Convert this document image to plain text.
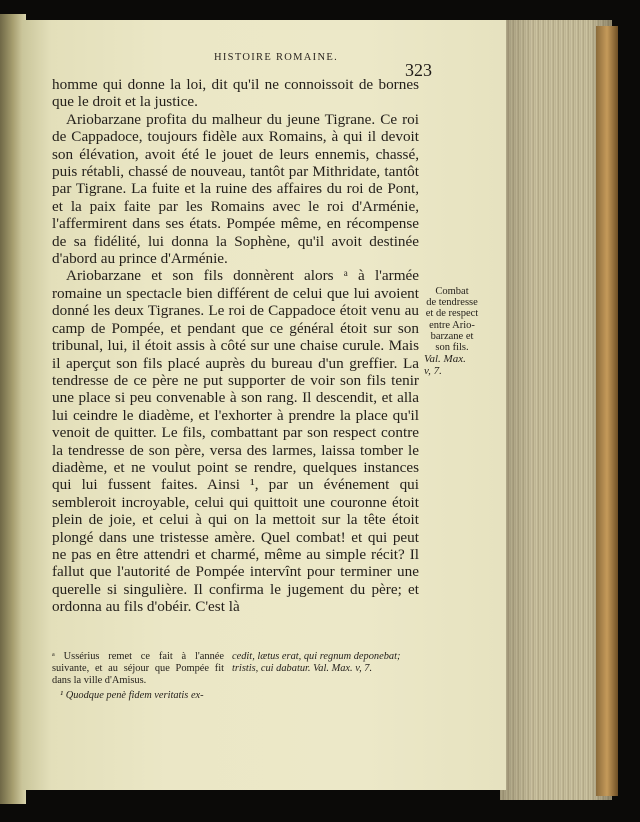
HISTOIRE ROMAINE.
323

homme qui donne la loi, dit qu'il ne connoissoit de bornes que le droit et la justice.

Ariobarzane profita du malheur du jeune Tigrane. Ce roi de Cappadoce, toujours fidèle aux Romains, à qui il devoit son élévation, avoit été le jouet de leurs ennemis, chassé, puis rétabli, chassé de nouveau, tantôt par Mithridate, tantôt par Tigrane. La fuite et la ruine des affaires du roi de Pont, et la paix faite par les Romains avec le roi d'Arménie, l'affermirent dans ses états. Pompée même, en récompense de sa fidélité, lui donna la Sophène, qu'il avoit destinée d'abord au prince d'Arménie.

Ariobarzane et son fils donnèrent alors ᵃ à l'armée romaine un spectacle bien différent de celui que lui avoient donné les deux Tigranes. Le roi de Cappadoce étoit venu au camp de Pompée, et pendant que ce général étoit sur son tribunal, lui, il étoit assis à côté sur une chaise curule. Mais il aperçut son fils placé auprès du bureau d'un greffier. La tendresse de ce père ne put supporter de voir son fils tenir une place si peu convenable à son rang. Il descendit, et alla lui ceindre le diadème, et l'exhorter à prendre la place qu'il venoit de quitter. Le fils, combattant par son respect contre la tendresse de son père, versa des larmes, laissa tomber le diadème, et ne voulut point se rendre, quelques instances qui lui fussent faites. Ainsi ¹, par un événement qui sembleroit incroyable, celui qui quittoit une couronne étoit plein de joie, et celui à qui on la mettoit sur la tête étoit plongé dans une tristesse amère. Quel combat! et qui peut ne pas en être attendri et charmé, même au simple récit? Il fallut que l'autorité de Pompée intervînt pour terminer une querelle si singulière. Il confirma le jugement du père; et ordonna au fils d'obéir. C'est là

Combat
de tendresse
et de respect
entre Ario-
barzane et
son fils.
Val. Max.
v, 7.
ᵃ Ussérius remet ce fait à l'année suivante, et au séjour que Pompée fit dans la ville d'Amisus.
¹ Quodque penè fidem veritatis ex-
cedit, lætus erat, qui regnum deponebat; tristis, cui dabatur. Val. Max. v, 7.
